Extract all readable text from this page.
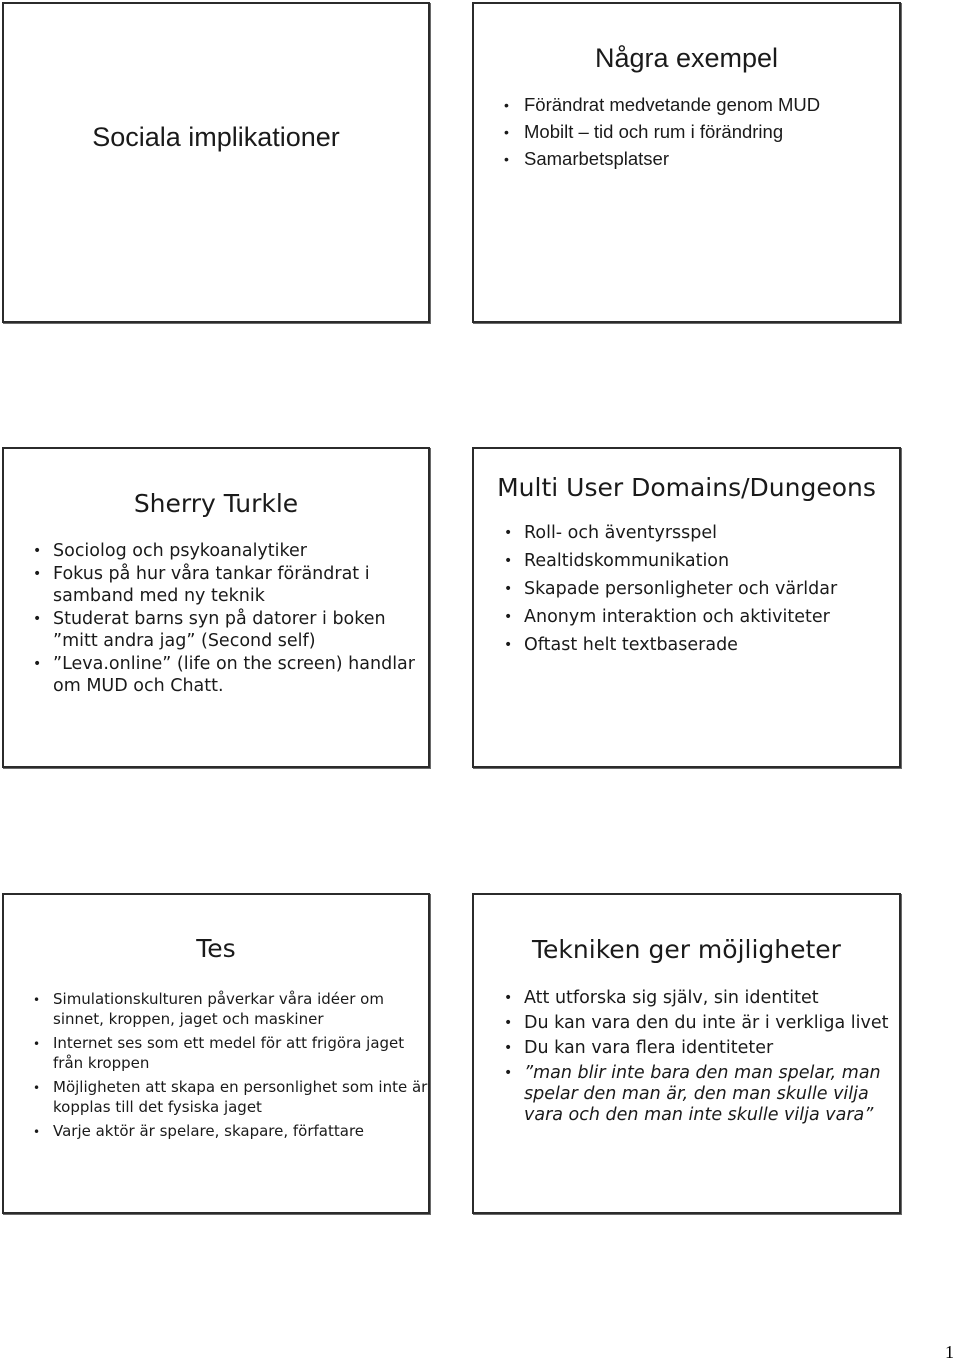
Sociala implikationer
Några exempel
• Förändrat medvetande genom MUD
• Mobilt – tid och rum i förändring
• Samarbetsplatser
Sherry Turkle
• Sociolog och psykoanalytiker
• Fokus på hur våra tankar förändrat i samband med ny teknik
• Studerat barns syn på datorer i boken ”mitt andra jag” (Second self)
• ”Leva.online” (life on the screen) handlar om MUD och Chatt.
Multi User Domains/Dungeons
• Roll- och äventyrsspel
• Realtidskommunikation
• Skapade personligheter och världar
• Anonym interaktion och aktiviteter
• Oftast helt textbaserade
Tes
• Simulationskulturen påverkar våra idéer om sinnet, kroppen, jaget och maskiner
• Internet ses som ett medel för att frigöra jaget från kroppen
• Möjligheten att skapa en personlighet som inte är kopplas till det fysiska jaget
• Varje aktör är spelare, skapare, författare
Tekniken ger möjligheter
• Att utforska sig själv, sin identitet
• Du kan vara den du inte är i verkliga livet
• Du kan vara flera identiteter
• ”man blir inte bara den man spelar, man spelar den man är, den man skulle vilja vara och den man inte skulle vilja vara”
1
